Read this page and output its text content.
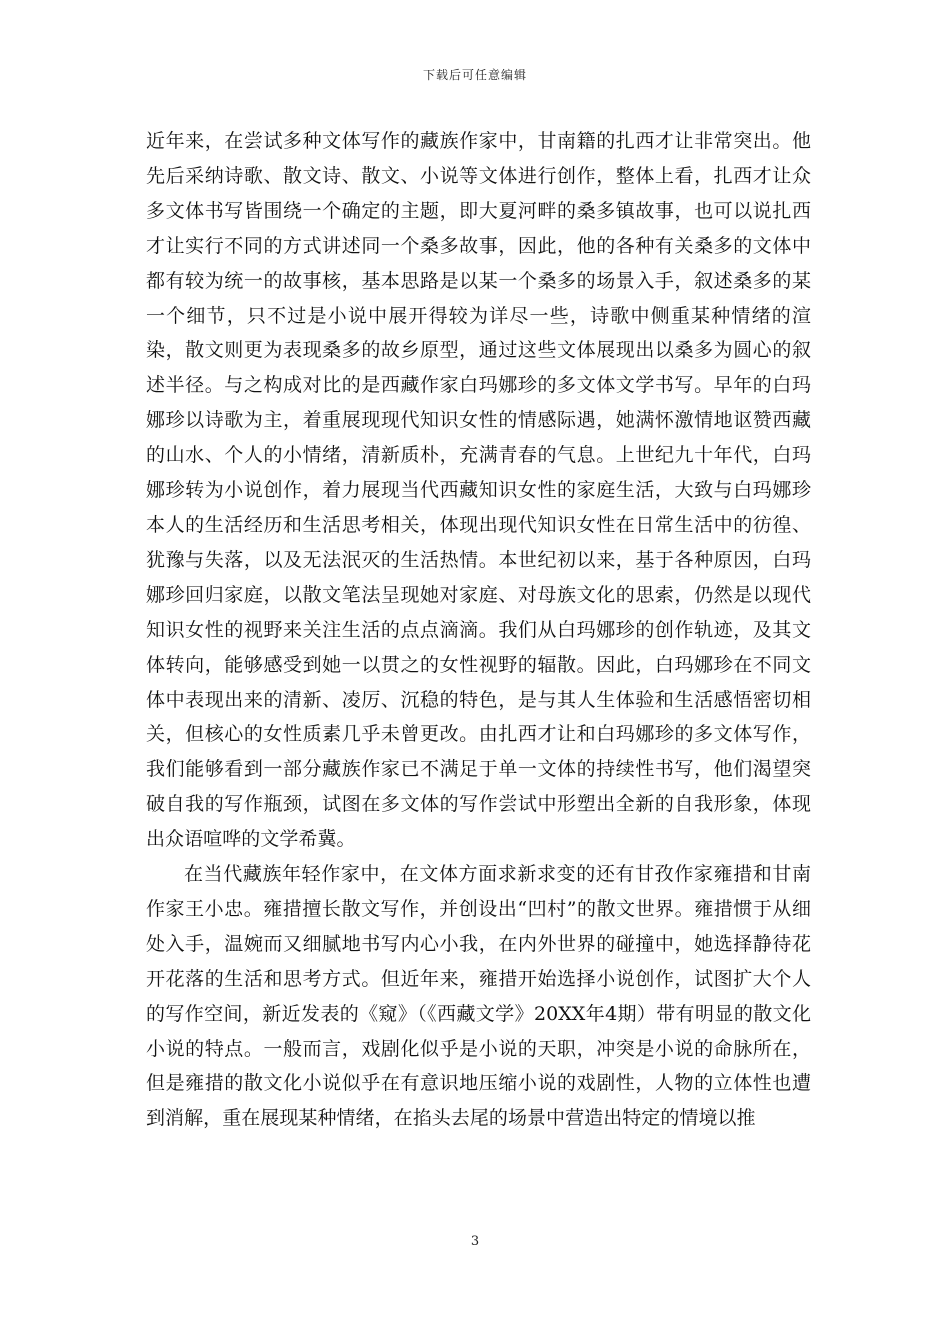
下载后可任意编辑

近年来，在尝试多种文体写作的藏族作家中，甘南籍的扎西才让非常突出。他先后采纳诗歌、散文诗、散文、小说等文体进行创作，整体上看，扎西才让众多文体书写皆围绕一个确定的主题，即大夏河畔的桑多镇故事，也可以说扎西才让实行不同的方式讲述同一个桑多故事，因此，他的各种有关桑多的文体中都有较为统一的故事核，基本思路是以某一个桑多的场景入手，叙述桑多的某一个细节，只不过是小说中展开得较为详尽一些，诗歌中侧重某种情绪的渲染，散文则更为表现桑多的故乡原型，通过这些文体展现出以桑多为圆心的叙述半径。与之构成对比的是西藏作家白玛娜珍的多文体文学书写。早年的白玛娜珍以诗歌为主，着重展现现代知识女性的情感际遇，她满怀激情地讴赞西藏的山水、个人的小情绪，清新质朴，充满青春的气息。上世纪九十年代，白玛娜珍转为小说创作，着力展现当代西藏知识女性的家庭生活，大致与白玛娜珍本人的生活经历和生活思考相关，体现出现代知识女性在日常生活中的彷徨、犹豫与失落，以及无法泯灭的生活热情。本世纪初以来，基于各种原因，白玛娜珍回归家庭，以散文笔法呈现她对家庭、对母族文化的思索，仍然是以现代知识女性的视野来关注生活的点点滴滴。我们从白玛娜珍的创作轨迹，及其文体转向，能够感受到她一以贯之的女性视野的辐散。因此，白玛娜珍在不同文体中表现出来的清新、凌厉、沉稳的特色，是与其人生体验和生活感悟密切相关，但核心的女性质素几乎未曾更改。由扎西才让和白玛娜珍的多文体写作，我们能够看到一部分藏族作家已不满足于单一文体的持续性书写，他们渴望突破自我的写作瓶颈，试图在多文体的写作尝试中形塑出全新的自我形象，体现出众语喧哗的文学希冀。

在当代藏族年轻作家中，在文体方面求新求变的还有甘孜作家雍措和甘南作家王小忠。雍措擅长散文写作，并创设出“凹村”的散文世界。雍措惯于从细处入手，温婉而又细腻地书写内心小我，在内外世界的碰撞中，她选择静待花开花落的生活和思考方式。但近年来，雍措开始选择小说创作，试图扩大个人的写作空间，新近发表的《窥》（《西藏文学》20XX年4期）带有明显的散文化小说的特点。一般而言，戏剧化似乎是小说的天职，冲突是小说的命脉所在，但是雍措的散文化小说似乎在有意识地压缩小说的戏剧性，人物的立体性也遭到消解，重在展现某种情绪，在掐头去尾的场景中营造出特定的情境以推

3
